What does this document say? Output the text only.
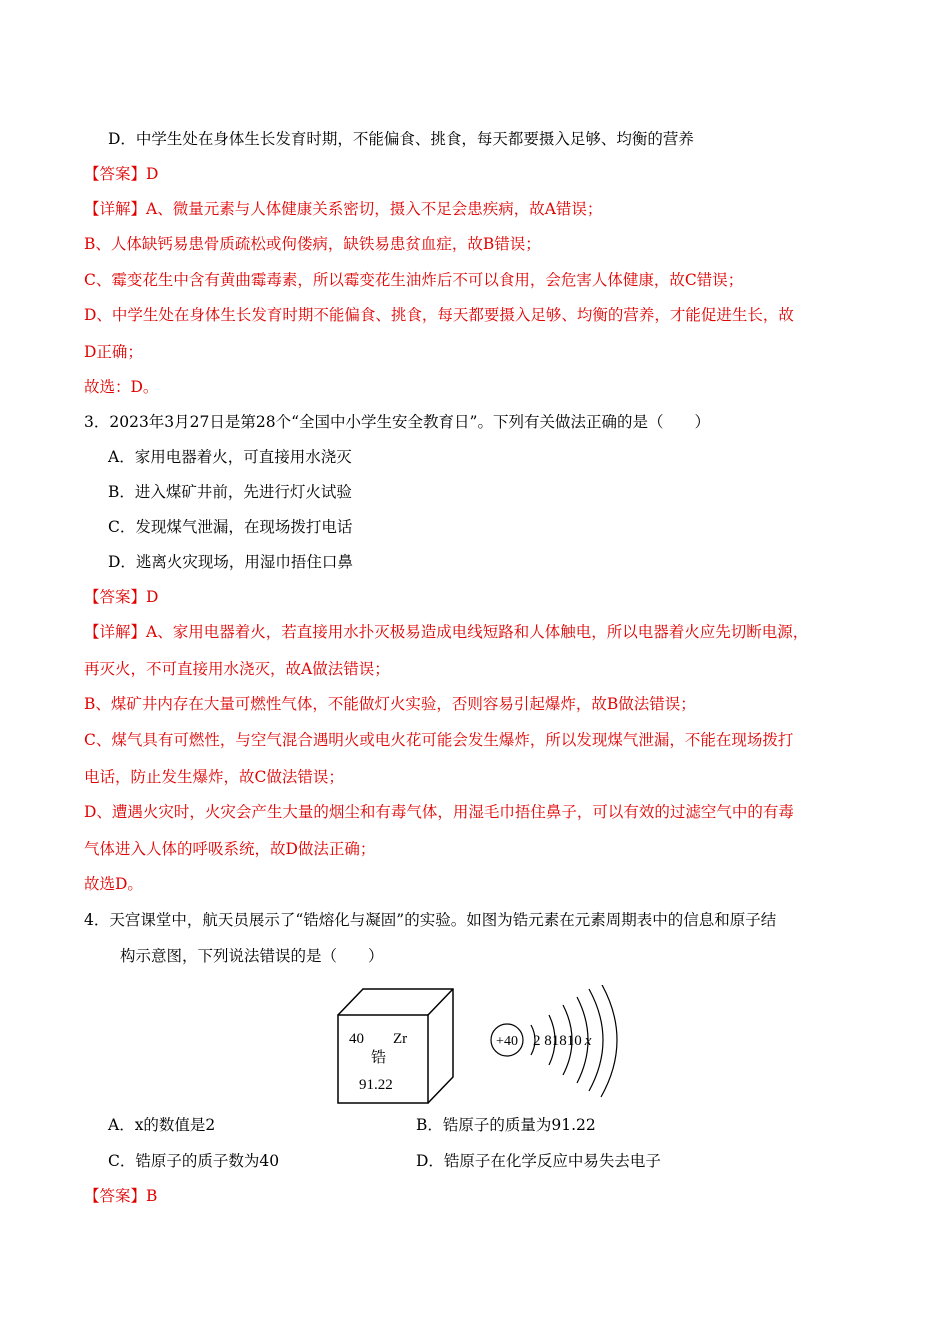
D．中学生处在身体生长发育时期，不能偏食、挑食，每天都要摄入足够、均衡的营养
【答案】D
【详解】A、微量元素与人体健康关系密切，摄入不足会患疾病，故A错误；
B、人体缺钙易患骨质疏松或佝偻病，缺铁易患贫血症，故B错误；
C、霉变花生中含有黄曲霉毒素，所以霉变花生油炸后不可以食用，会危害人体健康，故C错误；
D、中学生处在身体生长发育时期不能偏食、挑食，每天都要摄入足够、均衡的营养，才能促进生长，故
D正确；
故选：D。
3．2023年3月27日是第28个“全国中小学生安全教育日”。下列有关做法正确的是（　　）
A．家用电器着火，可直接用水浇灭
B．进入煤矿井前，先进行灯火试验
C．发现煤气泄漏，在现场拨打电话
D．逃离火灾现场，用湿巾捂住口鼻
【答案】D
【详解】A、家用电器着火，若直接用水扑灭极易造成电线短路和人体触电，所以电器着火应先切断电源，
再灭火，不可直接用水浇灭，故A做法错误；
B、煤矿井内存在大量可燃性气体，不能做灯火实验，否则容易引起爆炸，故B做法错误；
C、煤气具有可燃性，与空气混合遇明火或电火花可能会发生爆炸，所以发现煤气泄漏，不能在现场拨打
电话，防止发生爆炸，故C做法错误；
D、遭遇火灾时，火灾会产生大量的烟尘和有毒气体，用湿毛巾捂住鼻子，可以有效的过滤空气中的有毒
气体进入人体的呼吸系统，故D做法正确；
故选D。
4．天宫课堂中，航天员展示了“锆熔化与凝固”的实验。如图为锆元素在元素周期表中的信息和原子结
构示意图，下列说法错误的是（　　）
40 Zr
锆
91.22
+40 2 81810 x
A．x的数值是2	B．锆原子的质量为91.22
C．锆原子的质子数为40	D．锆原子在化学反应中易失去电子
【答案】B
